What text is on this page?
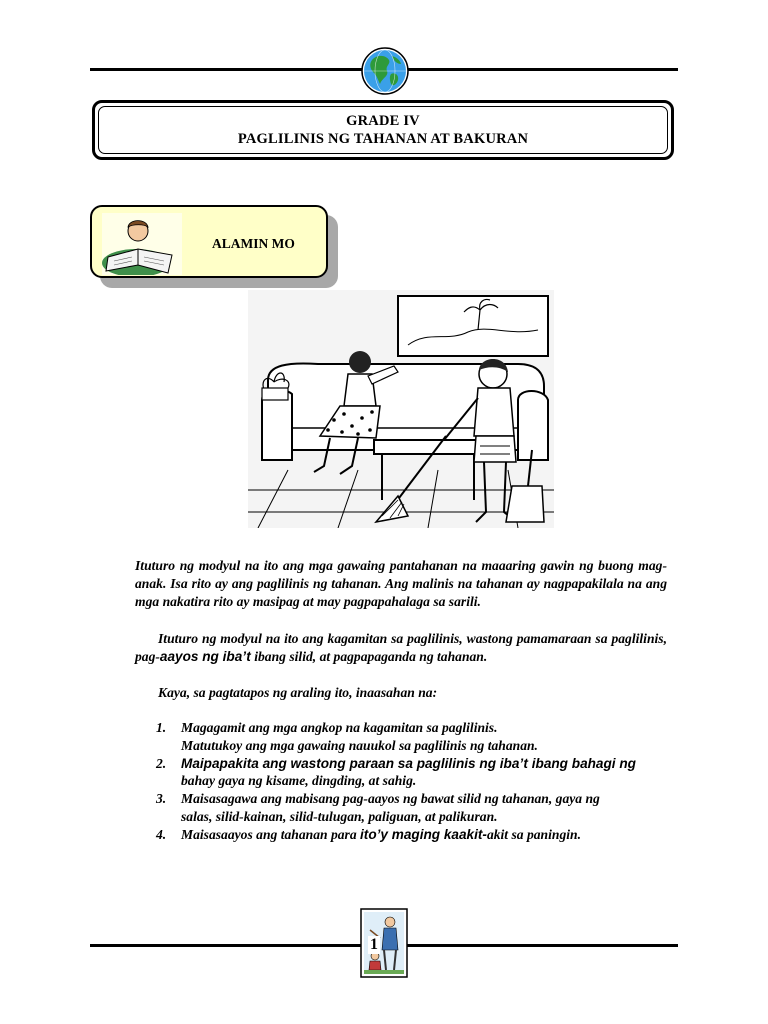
GRADE IV
PAGLILINIS NG TAHANAN AT BAKURAN
ALAMIN MO
Ituturo ng modyul na ito ang mga gawaing pantahanan na maaaring gawin ng buong mag-anak. Isa rito ay ang paglilinis ng tahanan. Ang malinis na tahanan ay nagpapakilala na ang mga nakatira rito ay masipag at may pagpapahalaga sa sarili.
Ituturo ng modyul na ito ang kagamitan sa paglilinis, wastong pamamaraan sa paglilinis, pag-aayos ng iba’t ibang silid, at pagpapaganda ng tahanan.
Kaya, sa pagtatapos ng araling ito, inaasahan na:
1. Magagamit ang mga angkop na kagamitan sa paglilinis.
Matutukoy ang mga gawaing nauukol sa paglilinis ng tahanan.
2. Maipapakita ang wastong paraan sa paglilinis ng iba’t ibang bahagi ng
bahay gaya ng kisame, dingding, at sahig.
3. Maisasagawa ang mabisang pag-aayos ng bawat silid ng tahanan, gaya ng
salas, silid-kainan, silid-tulugan, paliguan, at palikuran.
4. Maisasaayos ang tahanan para ito’y maging kaakit-akit sa paningin.
1
